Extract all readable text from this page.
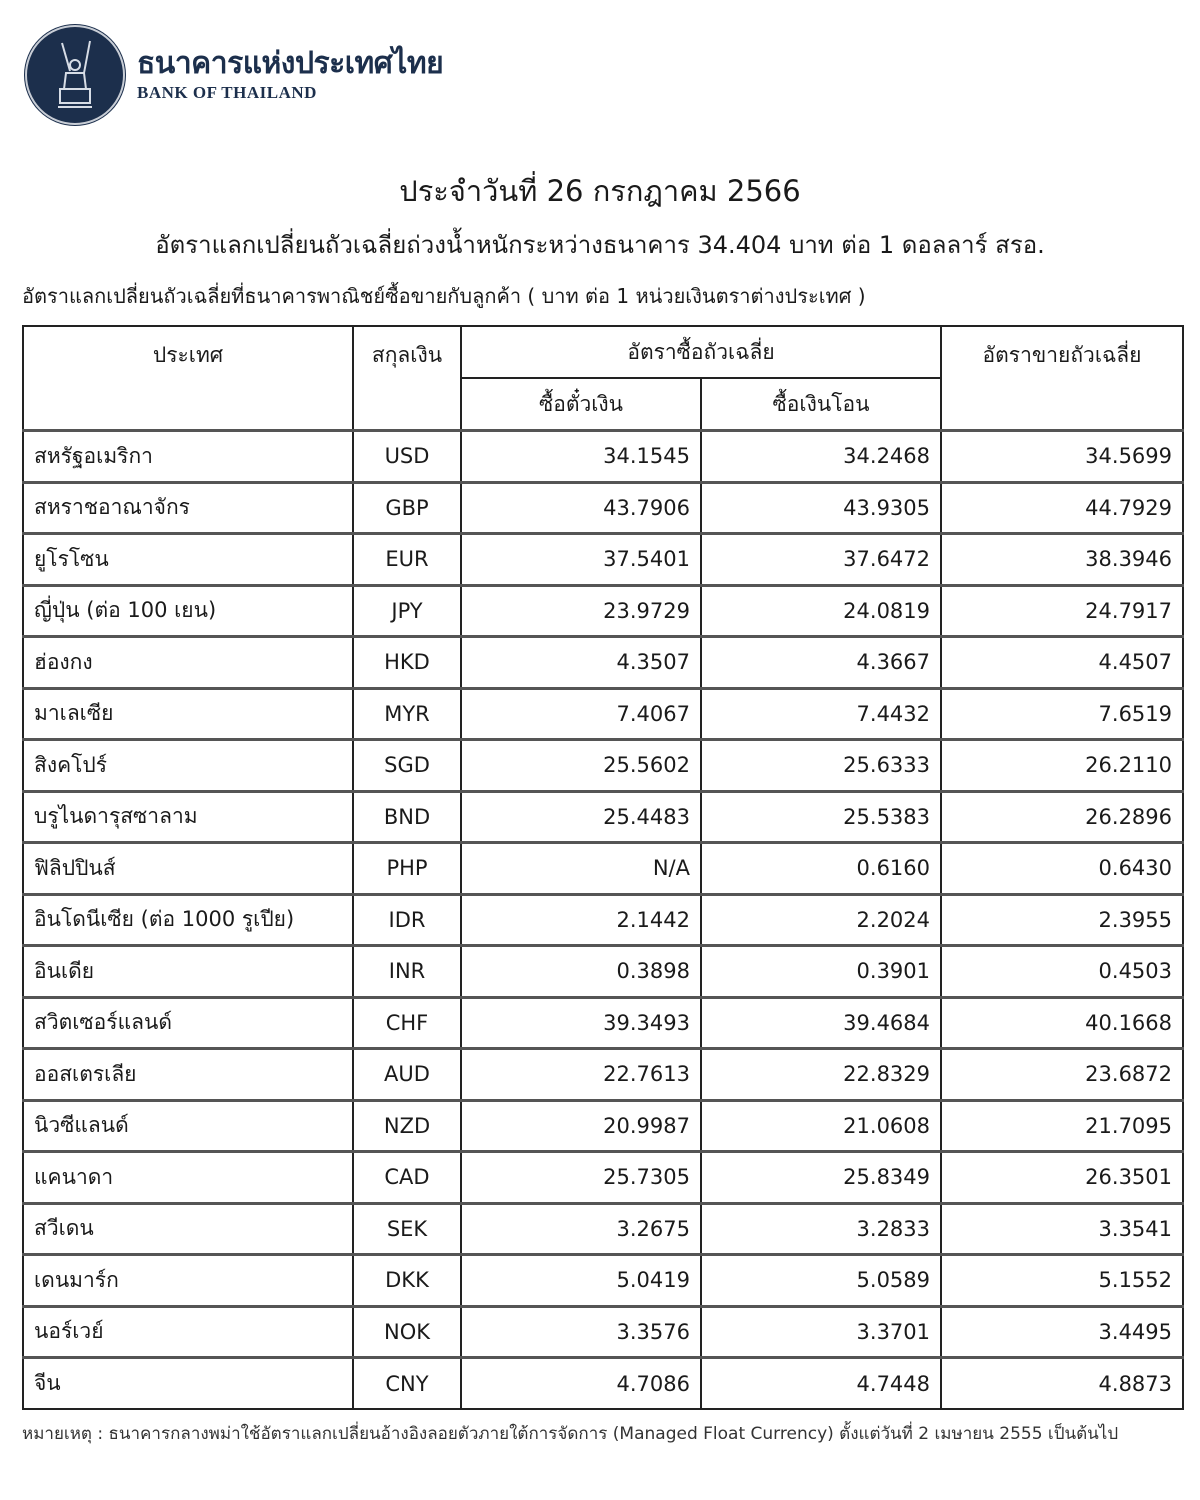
ธนาคารแห่งประเทศไทย
BANK OF THAILAND
ประจำวันที่ 26 กรกฎาคม 2566
อัตราแลกเปลี่ยนถัวเฉลี่ยถ่วงน้ำหนักระหว่างธนาคาร 34.404 บาท ต่อ 1 ดอลลาร์ สรอ.
อัตราแลกเปลี่ยนถัวเฉลี่ยที่ธนาคารพาณิชย์ซื้อขายกับลูกค้า ( บาท ต่อ 1 หน่วยเงินตราต่างประเทศ )
ประเทศ	สกุลเงิน	อัตราซื้อถัวเฉลี่ย		อัตราขายถัวเฉลี่ย
		ซื้อตั๋วเงิน	ซื้อเงินโอน	
สหรัฐอเมริกา	USD	34.1545	34.2468	34.5699
สหราชอาณาจักร	GBP	43.7906	43.9305	44.7929
ยูโรโซน	EUR	37.5401	37.6472	38.3946
ญี่ปุ่น (ต่อ 100 เยน)	JPY	23.9729	24.0819	24.7917
ฮ่องกง	HKD	4.3507	4.3667	4.4507
มาเลเซีย	MYR	7.4067	7.4432	7.6519
สิงคโปร์	SGD	25.5602	25.6333	26.2110
บรูไนดารุสซาลาม	BND	25.4483	25.5383	26.2896
ฟิลิปปินส์	PHP	N/A	0.6160	0.6430
อินโดนีเซีย (ต่อ 1000 รูเปีย)	IDR	2.1442	2.2024	2.3955
อินเดีย	INR	0.3898	0.3901	0.4503
สวิตเซอร์แลนด์	CHF	39.3493	39.4684	40.1668
ออสเตรเลีย	AUD	22.7613	22.8329	23.6872
นิวซีแลนด์	NZD	20.9987	21.0608	21.7095
แคนาดา	CAD	25.7305	25.8349	26.3501
สวีเดน	SEK	3.2675	3.2833	3.3541
เดนมาร์ก	DKK	5.0419	5.0589	5.1552
นอร์เวย์	NOK	3.3576	3.3701	3.4495
จีน	CNY	4.7086	4.7448	4.8873
หมายเหตุ : ธนาคารกลางพม่าใช้อัตราแลกเปลี่ยนอ้างอิงลอยตัวภายใต้การจัดการ (Managed Float Currency) ตั้งแต่วันที่ 2 เมษายน 2555 เป็นต้นไป
